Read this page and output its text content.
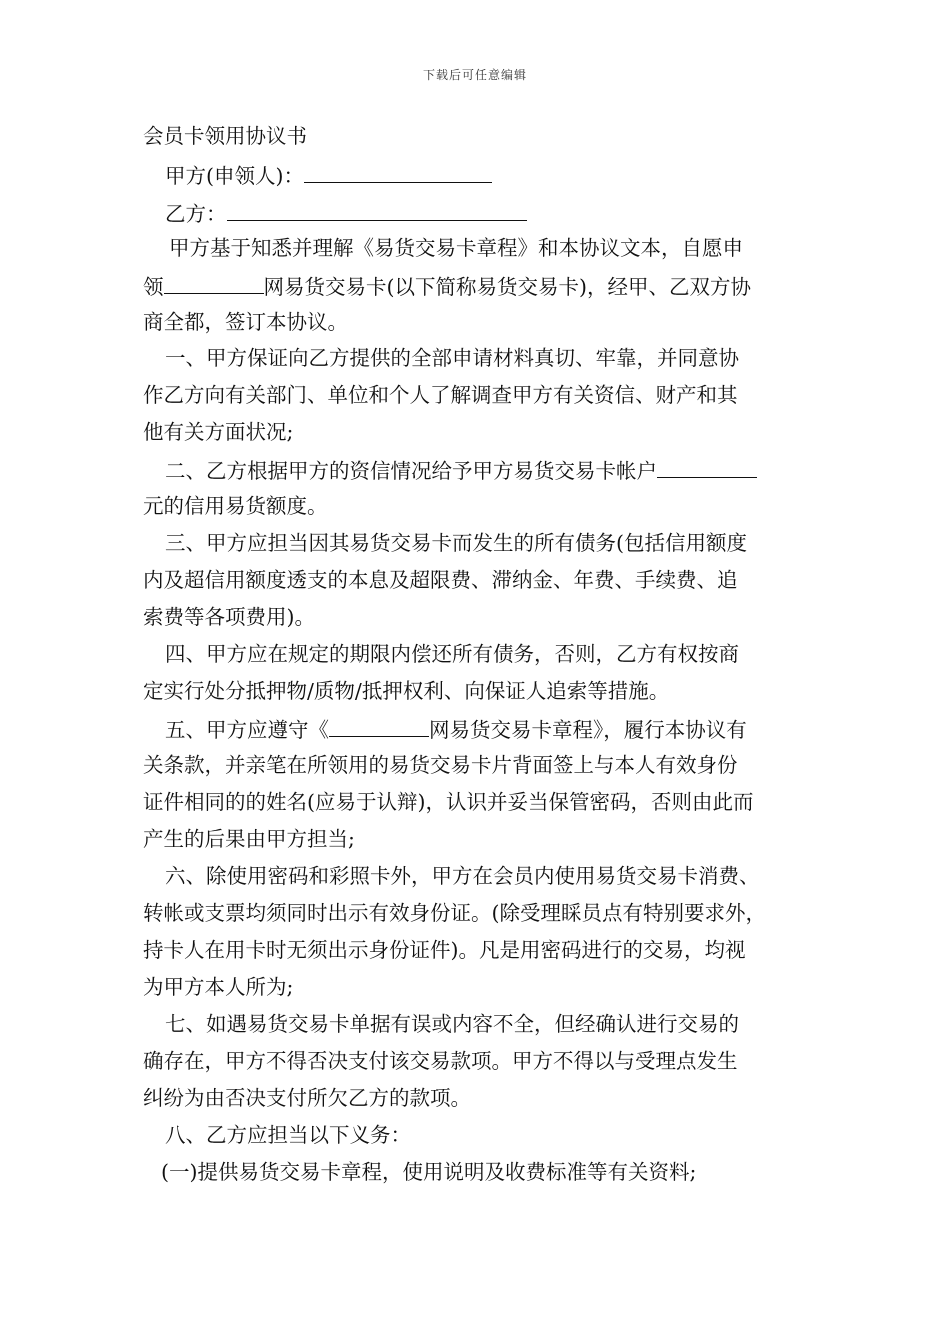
下载后可任意编辑
会员卡领用协议书
甲方(申领人)：
乙方：
甲方基于知悉并理解《易货交易卡章程》和本协议文本，自愿申
领	网易货交易卡(以下简称易货交易卡)，经甲、乙双方协
商全都，签订本协议。
一、甲方保证向乙方提供的全部申请材料真切、牢靠，并同意协
作乙方向有关部门、单位和个人了解调查甲方有关资信、财产和其
他有关方面状况;
二、乙方根据甲方的资信情况给予甲方易货交易卡帐户
元的信用易货额度。
三、甲方应担当因其易货交易卡而发生的所有债务(包括信用额度
内及超信用额度透支的本息及超限费、滞纳金、年费、手续费、追
索费等各项费用)。
四、甲方应在规定的期限内偿还所有债务，否则，乙方有权按商
定实行处分抵押物/质物/抵押权利、向保证人追索等措施。
五、甲方应遵守《	网易货交易卡章程》，履行本协议有
关条款，并亲笔在所领用的易货交易卡片背面签上与本人有效身份
证件相同的的姓名(应易于认辩)，认识并妥当保管密码，否则由此而
产生的后果由甲方担当;
六、除使用密码和彩照卡外，甲方在会员内使用易货交易卡消费、
转帐或支票均须同时出示有效身份证。(除受理睬员点有特别要求外，
持卡人在用卡时无须出示身份证件)。凡是用密码进行的交易，均视
为甲方本人所为;
七、如遇易货交易卡单据有误或内容不全，但经确认进行交易的
确存在，甲方不得否决支付该交易款项。甲方不得以与受理点发生
纠纷为由否决支付所欠乙方的款项。
八、乙方应担当以下义务：
(一)提供易货交易卡章程，使用说明及收费标准等有关资料;
